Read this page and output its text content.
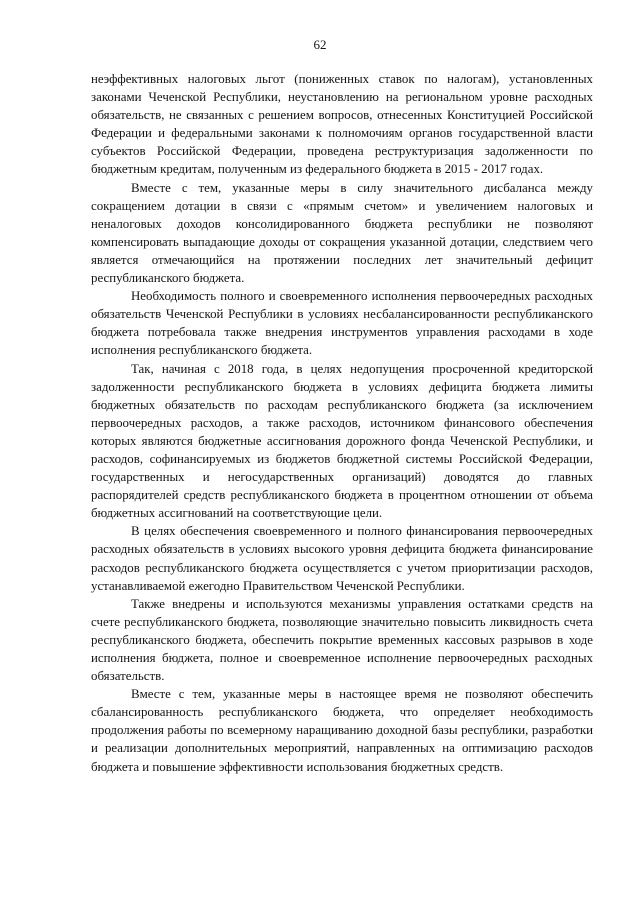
62

неэффективных налоговых льгот (пониженных ставок по налогам), установленных законами Чеченской Республики, неустановлению на региональном уровне расходных обязательств, не связанных с решением вопросов, отнесенных Конституцией Российской Федерации и федеральными законами к полномочиям органов государственной власти субъектов Российской Федерации, проведена реструктуризация задолженности по бюджетным кредитам, полученным из федерального бюджета в 2015 - 2017 годах.

Вместе с тем, указанные меры в силу значительного дисбаланса между сокращением дотации в связи с «прямым счетом» и увеличением налоговых и неналоговых доходов консолидированного бюджета республики не позволяют компенсировать выпадающие доходы от сокращения указанной дотации, следствием чего является отмечающийся на протяжении последних лет значительный дефицит республиканского бюджета.

Необходимость полного и своевременного исполнения первоочередных расходных обязательств Чеченской Республики в условиях несбалансированности республиканского бюджета потребовала также внедрения инструментов управления расходами в ходе исполнения республиканского бюджета.

Так, начиная с 2018 года, в целях недопущения просроченной кредиторской задолженности республиканского бюджета в условиях дефицита бюджета лимиты бюджетных обязательств по расходам республиканского бюджета (за исключением первоочередных расходов, а также расходов, источником финансового обеспечения которых являются бюджетные ассигнования дорожного фонда Чеченской Республики, и расходов, софинансируемых из бюджетов бюджетной системы Российской Федерации, государственных и негосударственных организаций) доводятся до главных распорядителей средств республиканского бюджета в процентном отношении от объема бюджетных ассигнований на соответствующие цели.

В целях обеспечения своевременного и полного финансирования первоочередных расходных обязательств в условиях высокого уровня дефицита бюджета финансирование расходов республиканского бюджета осуществляется с учетом приоритизации расходов, устанавливаемой ежегодно Правительством Чеченской Республики.

Также внедрены и используются механизмы управления остатками средств на счете республиканского бюджета, позволяющие значительно повысить ликвидность счета республиканского бюджета, обеспечить покрытие временных кассовых разрывов в ходе исполнения бюджета, полное и своевременное исполнение первоочередных расходных обязательств.

Вместе с тем, указанные меры в настоящее время не позволяют обеспечить сбалансированность республиканского бюджета, что определяет необходимость продолжения работы по всемерному наращиванию доходной базы республики, разработки и реализации дополнительных мероприятий, направленных на оптимизацию расходов бюджета и повышение эффективности использования бюджетных средств.
